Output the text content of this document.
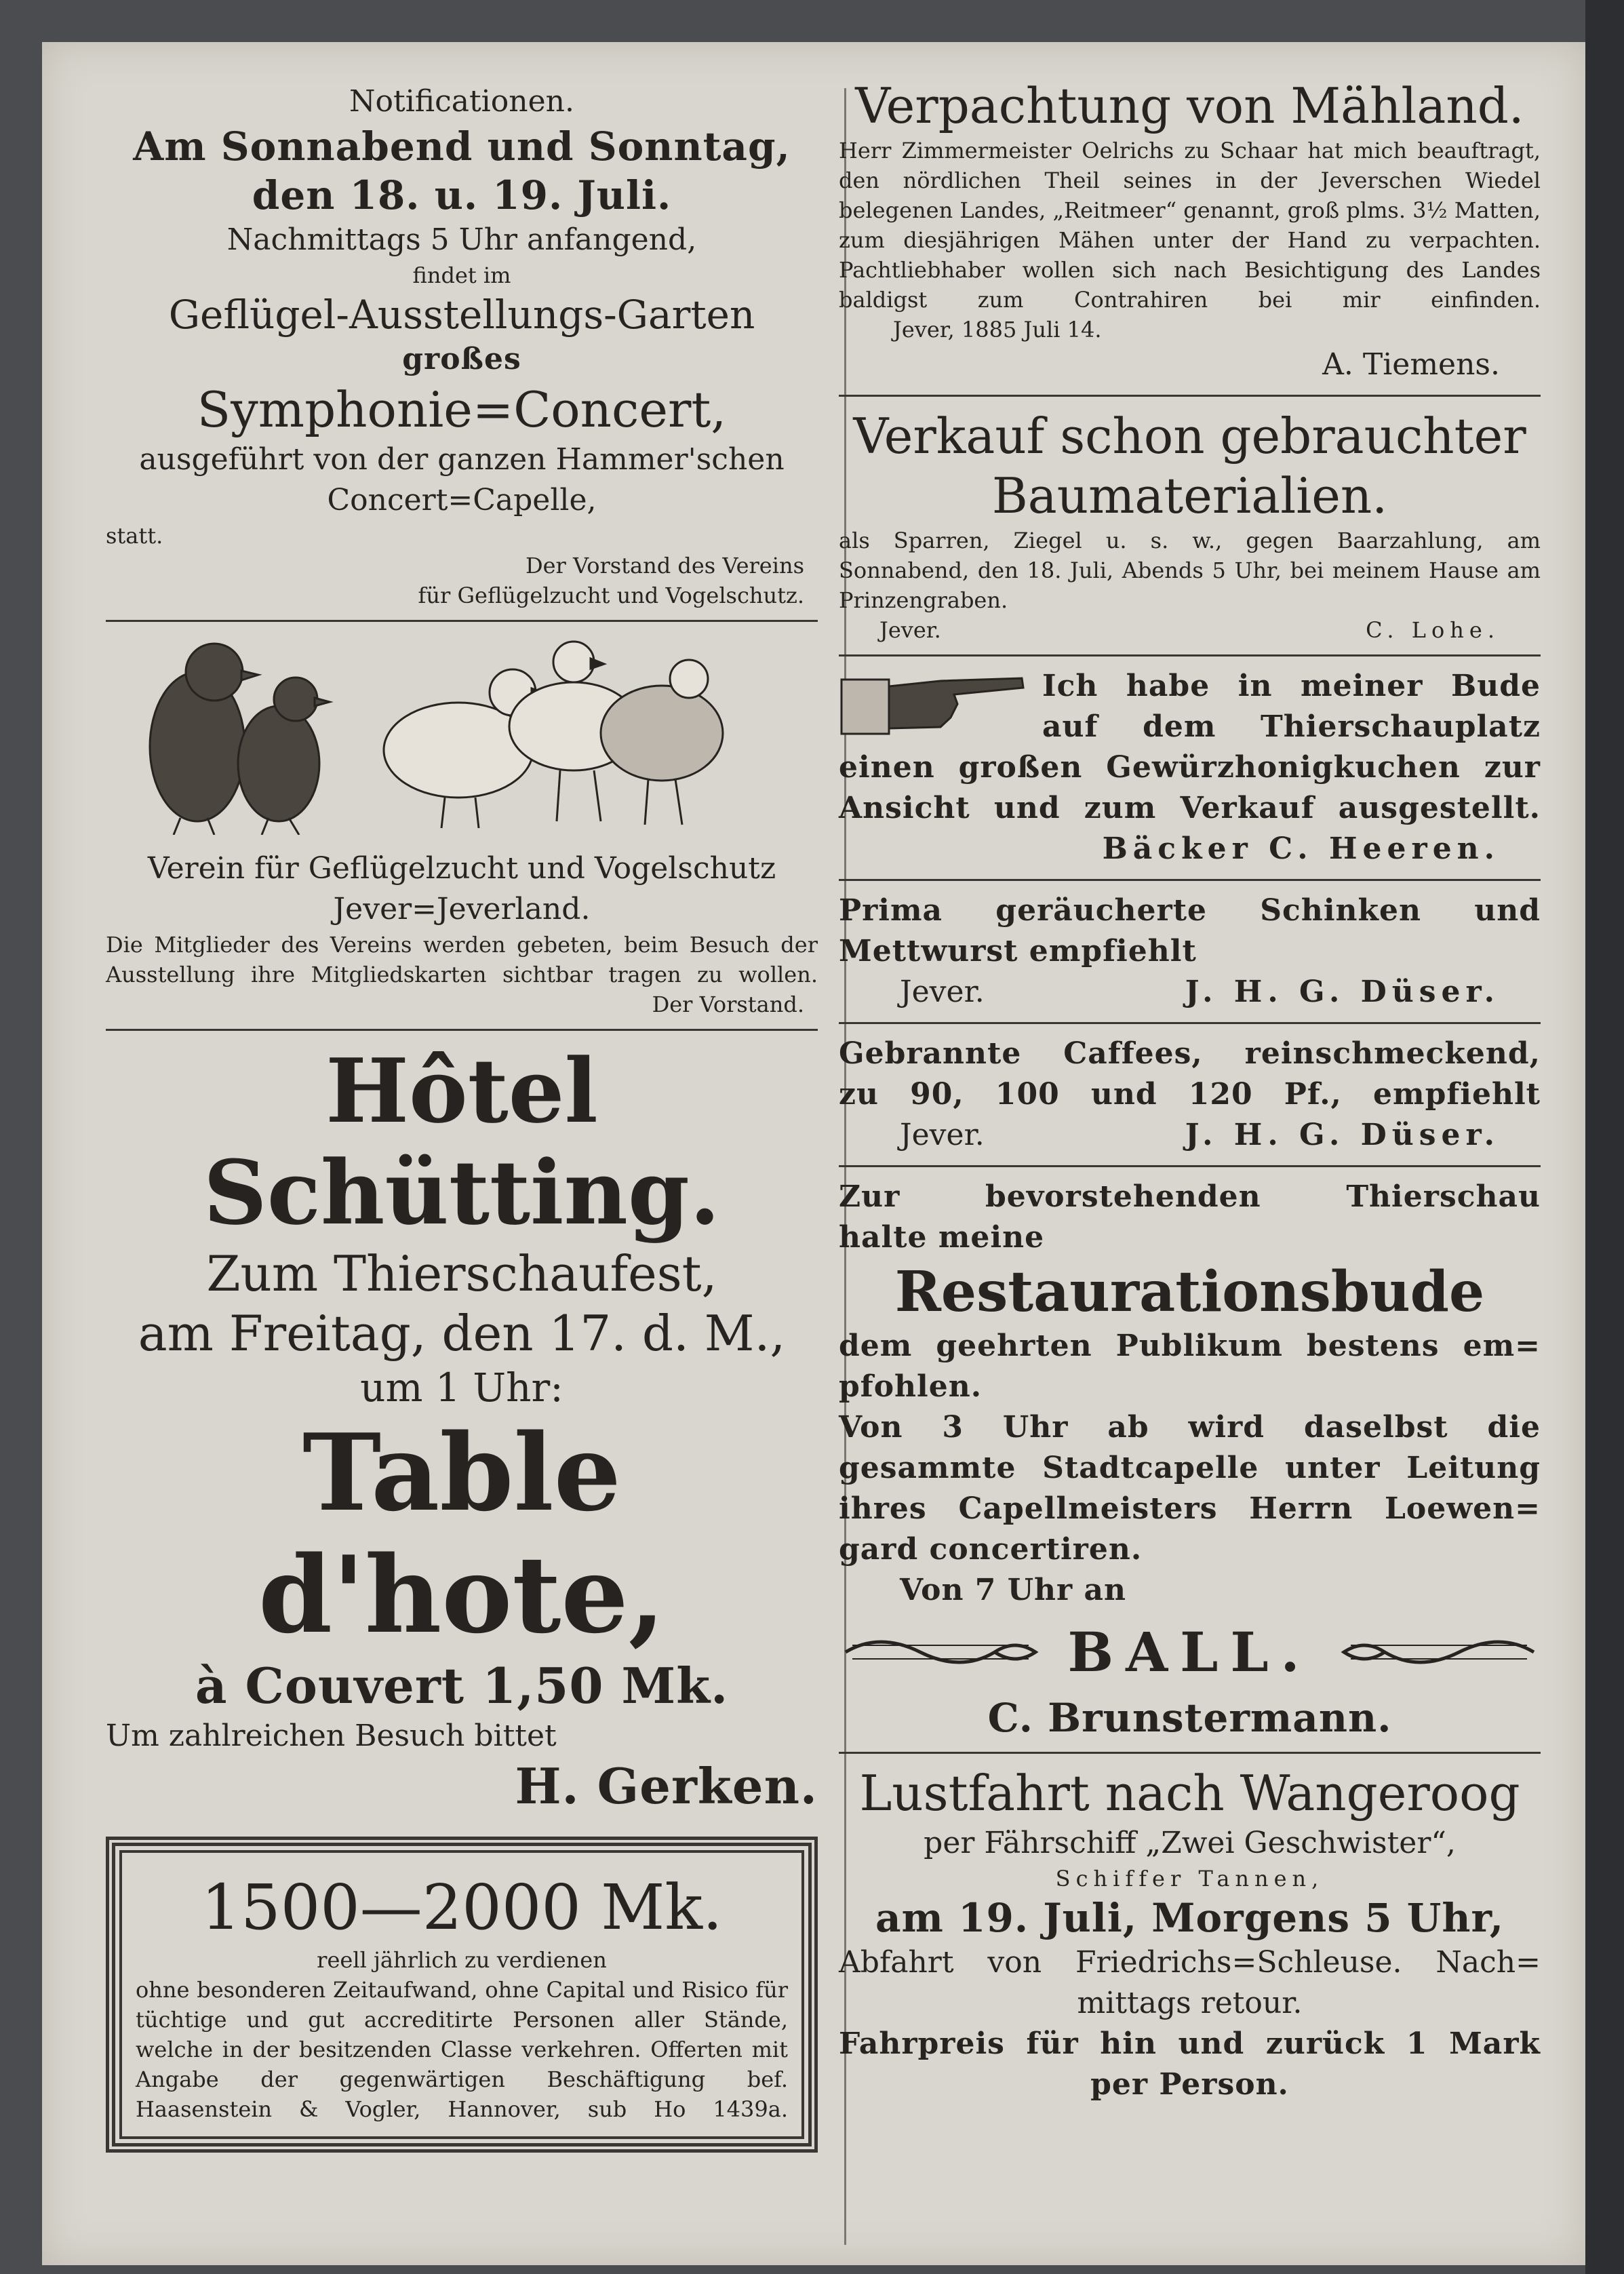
Notificationen.
Am Sonnabend und Sonntag,
den 18. u. 19. Juli.
Nachmittags 5 Uhr anfangend,
findet im
Geflügel-Ausstellungs-Garten
großes
Symphonie=Concert,
ausgeführt von der ganzen Hammer'schen
Concert=Capelle,
statt.
Der Vorstand des Vereins
für Geflügelzucht und Vogelschutz.
Verein für Geflügelzucht und Vogelschutz
Jever=Jeverland.
Die Mitglieder des Vereins werden gebeten, beim Besuch der Ausstellung ihre Mitgliedskarten sichtbar tragen zu wollen.
Der Vorstand.
Hôtel Schütting.
Zum Thierschaufest,
am Freitag, den 17. d. M.,
um 1 Uhr:
Table d'hote,
à Couvert 1,50 Mk.
Um zahlreichen Besuch bittet
H. Gerken.
1500—2000 Mk.
reell jährlich zu verdienen
ohne besonderen Zeitaufwand, ohne Capital und Risico für tüchtige und gut accreditirte Personen aller Stände, welche in der besitzenden Classe verkehren. Offerten mit Angabe der gegenwärtigen Beschäftigung bef. Haasenstein & Vogler, Hannover, sub Ho 1439a.
Verpachtung von Mähland.
Herr Zimmermeister Oelrichs zu Schaar hat mich beauftragt, den nördlichen Theil seines in der Jeverschen Wiedel belegenen Landes, „Reitmeer“ genannt, groß plms. 3½ Matten, zum diesjährigen Mähen unter der Hand zu verpachten.
Pachtliebhaber wollen sich nach Besichtigung des Landes baldigst zum Contrahiren bei mir einfinden.
Jever, 1885 Juli 14.
A. Tiemens.
Verkauf schon gebrauchter
Baumaterialien.
als Sparren, Ziegel u. s. w., gegen Baarzahlung, am Sonnabend, den 18. Juli, Abends 5 Uhr, bei meinem Hause am Prinzengraben.
Jever.	C. Lohe.
Ich habe in meiner Bude
auf dem Thierschauplatz
einen großen Gewürzhonigkuchen zur
Ansicht und zum Verkauf ausgestellt.
Bäcker C. Heeren.
Prima geräucherte Schinken und
Mettwurst empfiehlt
Jever.	J. H. G. Düser.
Gebrannte Caffees, reinschmeckend,
zu 90, 100 und 120 Pf., empfiehlt
Jever.	J. H. G. Düser.
Zur bevorstehenden Thierschau
halte meine
Restaurationsbude
dem geehrten Publikum bestens em=
pfohlen.
Von 3 Uhr ab wird daselbst die
gesammte Stadtcapelle unter Leitung
ihres Capellmeisters Herrn Loewen=
gard concertiren.
Von 7 Uhr an
BALL.
C. Brunstermann.
Lustfahrt nach Wangeroog
per Fährschiff „Zwei Geschwister“,
Schiffer Tannen,
am 19. Juli, Morgens 5 Uhr,
Abfahrt von Friedrichs=Schleuse. Nach=
mittags retour.
Fahrpreis für hin und zurück 1 Mark
per Person.
